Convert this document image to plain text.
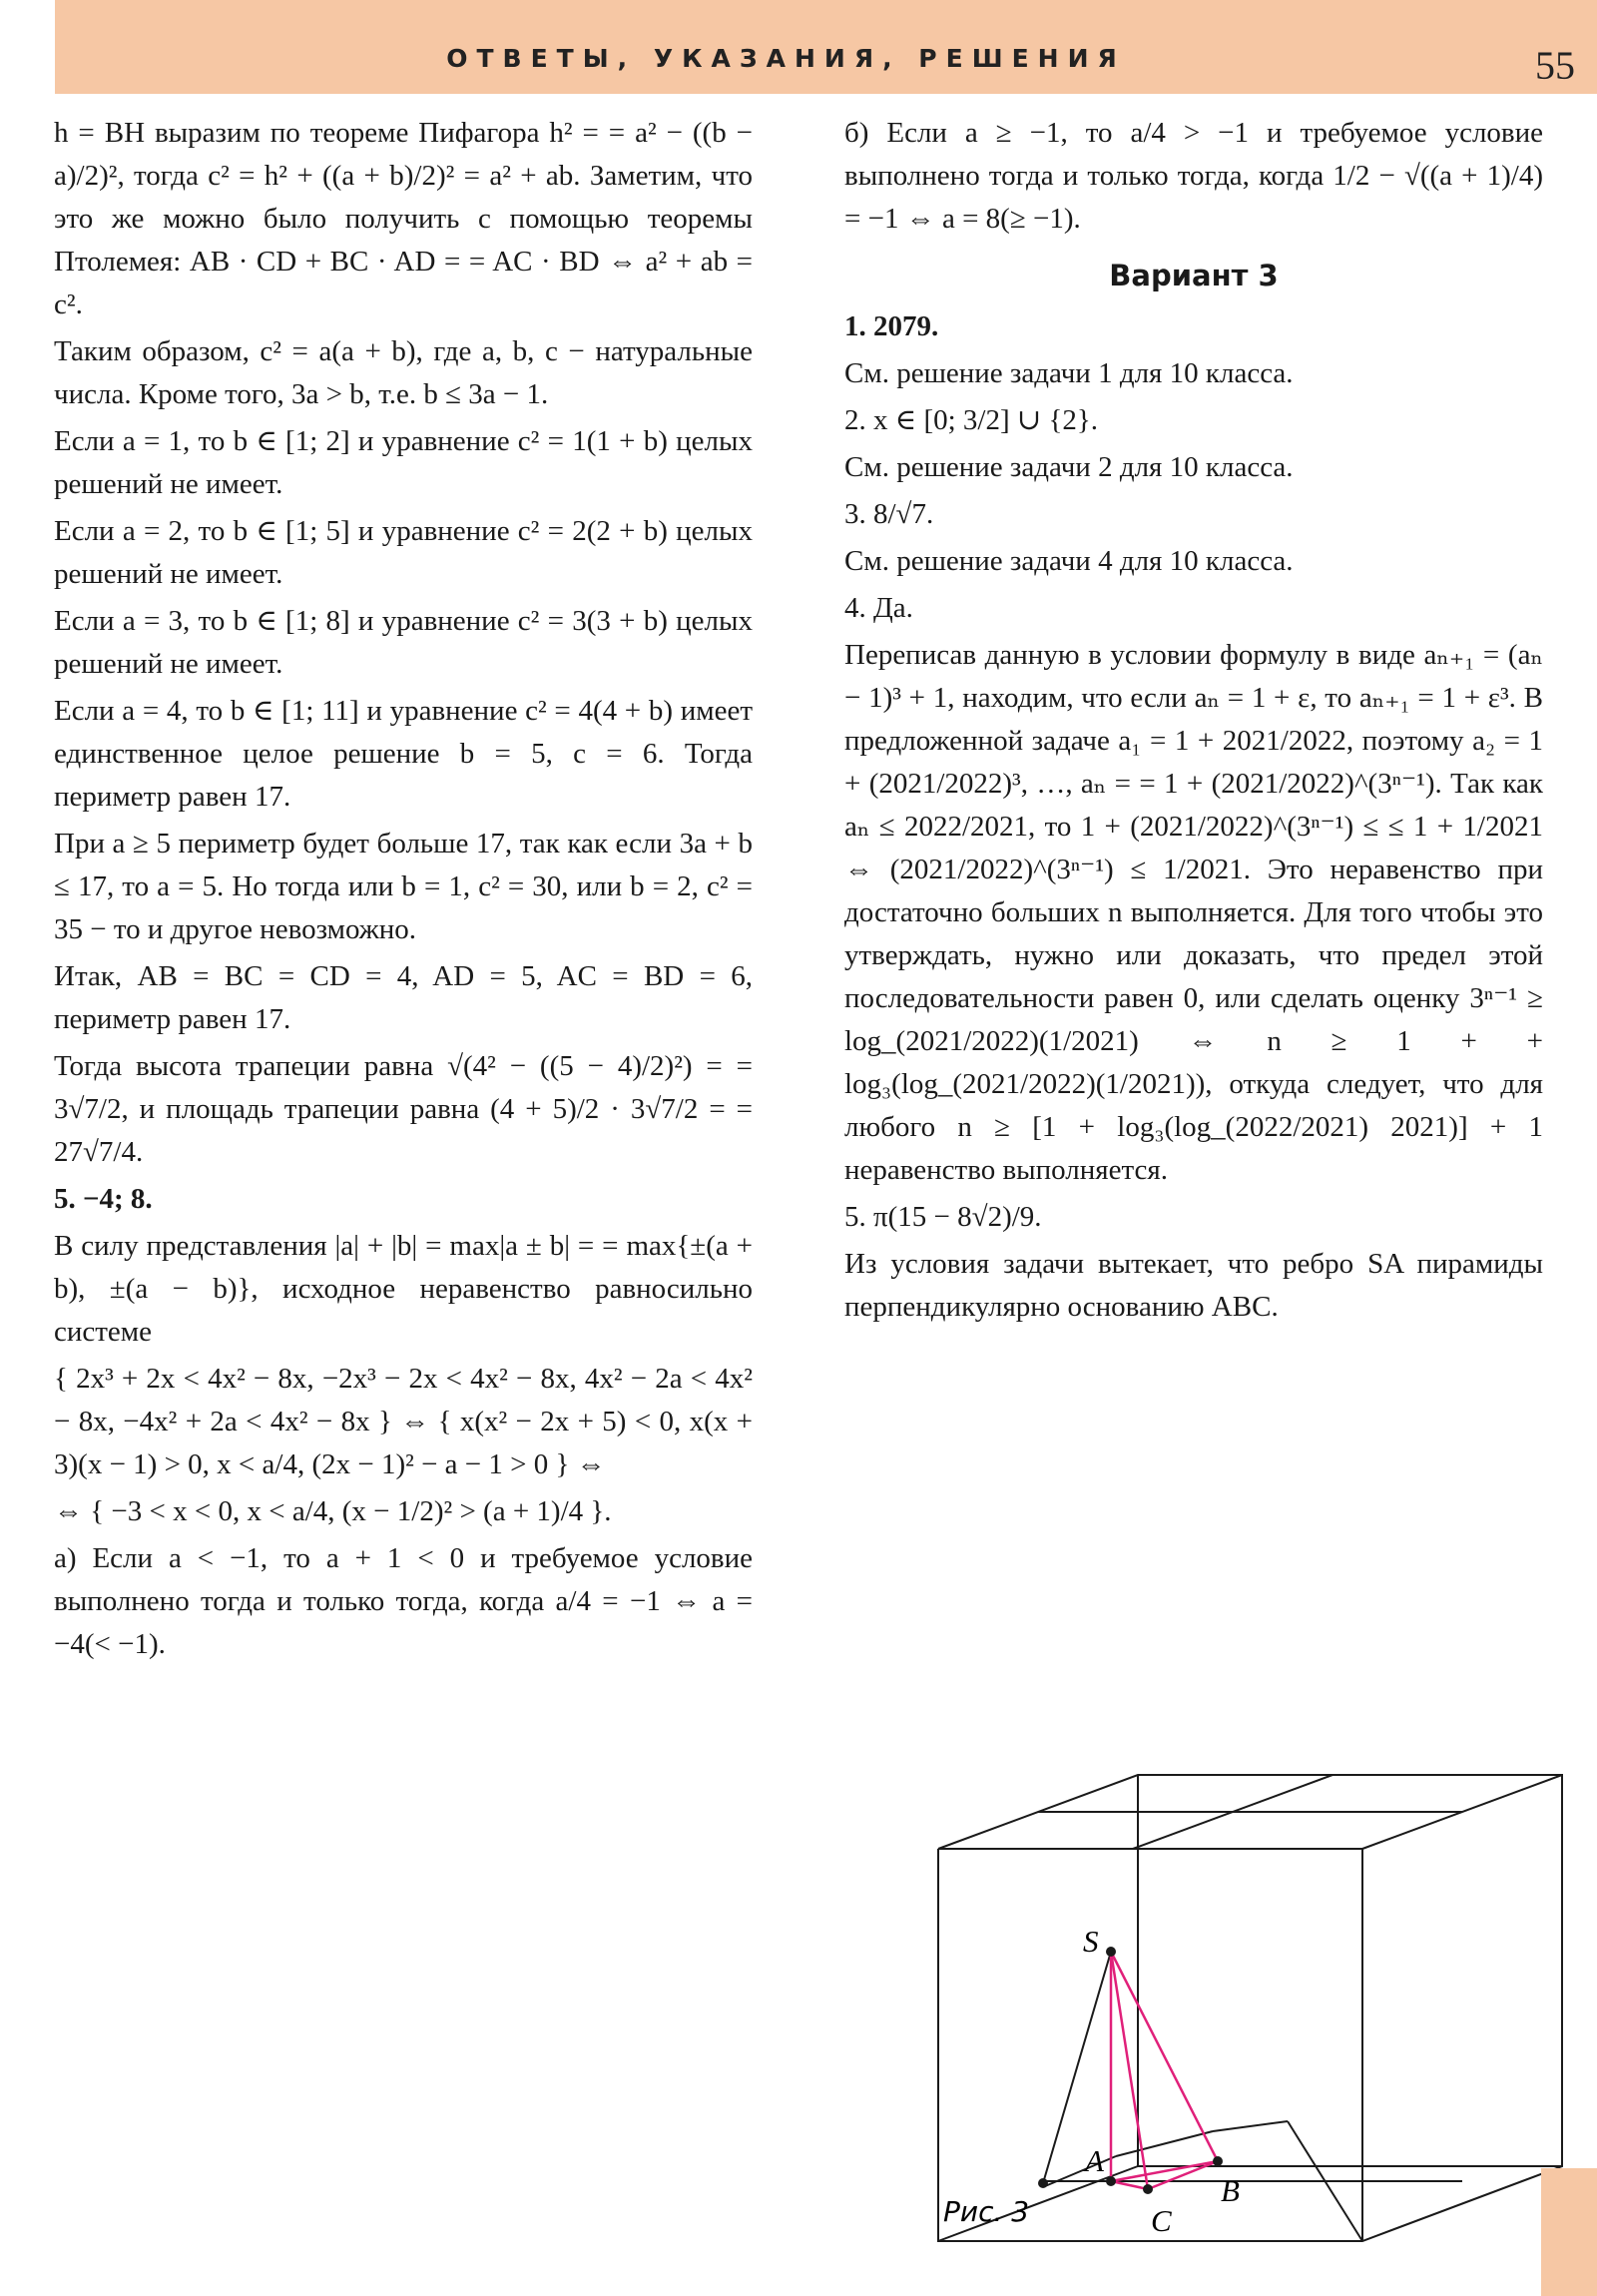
ОТВЕТЫ, УКАЗАНИЯ, РЕШЕНИЯ	55

h = BH выразим по теореме Пифагора h² = = a² − ((b − a)/2)², тогда c² = h² + ((a + b)/2)² = a² + ab. Заметим, что это же можно было получить с помощью теоремы Птолемея: AB · CD + BC · AD = = AC · BD ⇔ a² + ab = c².

Таким образом, c² = a(a + b), где a, b, c − натуральные числа. Кроме того, 3a > b, т.е. b ≤ 3a − 1.

Если a = 1, то b ∈ [1; 2] и уравнение c² = 1(1 + b) целых решений не имеет.

Если a = 2, то b ∈ [1; 5] и уравнение c² = 2(2 + b) целых решений не имеет.

Если a = 3, то b ∈ [1; 8] и уравнение c² = 3(3 + b) целых решений не имеет.

Если a = 4, то b ∈ [1; 11] и уравнение c² = 4(4 + b) имеет единственное целое решение b = 5, c = 6. Тогда периметр равен 17.

При a ≥ 5 периметр будет больше 17, так как если 3a + b ≤ 17, то a = 5. Но тогда или b = 1, c² = 30, или b = 2, c² = 35 − то и другое невозможно.

Итак, AB = BC = CD = 4, AD = 5, AC = BD = 6, периметр равен 17.

Тогда высота трапеции равна √(4² − ((5 − 4)/2)²) = = 3√7/2, и площадь трапеции равна (4 + 5)/2 · 3√7/2 = = 27√7/4.

5. −4; 8.

В силу представления |a| + |b| = max|a ± b| = = max{±(a + b), ±(a − b)}, исходное неравенство равносильно системе

{ 2x³ + 2x < 4x² − 8x, −2x³ − 2x < 4x² − 8x, 4x² − 2a < 4x² − 8x, −4x² + 2a < 4x² − 8x } ⇔ { x(x² − 2x + 5) < 0, x(x + 3)(x − 1) > 0, x < a/4, (2x − 1)² − a − 1 > 0 } ⇔

⇔ { −3 < x < 0, x < a/4, (x − 1/2)² > (a + 1)/4 }.

а) Если a < −1, то a + 1 < 0 и требуемое условие выполнено тогда и только тогда, когда a/4 = −1 ⇔ a = −4(< −1).

б) Если a ≥ −1, то a/4 > −1 и требуемое условие выполнено тогда и только тогда, когда 1/2 − √((a + 1)/4) = −1 ⇔ a = 8(≥ −1).

Вариант 3

1. 2079.

См. решение задачи 1 для 10 класса.

2. x ∈ [0; 3/2] ∪ {2}.

См. решение задачи 2 для 10 класса.

3. 8/√7.

См. решение задачи 4 для 10 класса.

4. Да.

Переписав данную в условии формулу в виде aₙ₊₁ = (aₙ − 1)³ + 1, находим, что если aₙ = 1 + ε, то aₙ₊₁ = 1 + ε³. В предложенной задаче a₁ = 1 + 2021/2022, поэтому a₂ = 1 + (2021/2022)³, …, aₙ = = 1 + (2021/2022)^(3ⁿ⁻¹). Так как aₙ ≤ 2022/2021, то 1 + (2021/2022)^(3ⁿ⁻¹) ≤ ≤ 1 + 1/2021 ⇔ (2021/2022)^(3ⁿ⁻¹) ≤ 1/2021. Это неравенство при достаточно больших n выполняется. Для того чтобы это утверждать, нужно или доказать, что предел этой последовательности равен 0, или сделать оценку 3ⁿ⁻¹ ≥ log_(2021/2022)(1/2021) ⇔ n ≥ 1 + + log₃(log_(2021/2022)(1/2021)), откуда следует, что для любого n ≥ [1 + log₃(log_(2022/2021) 2021)] + 1 неравенство выполняется.

5. π(15 − 8√2)/9.

Из условия задачи вытекает, что ребро SA пирамиды перпендикулярно основанию ABC.

S
A
B
C
Рис. 3
